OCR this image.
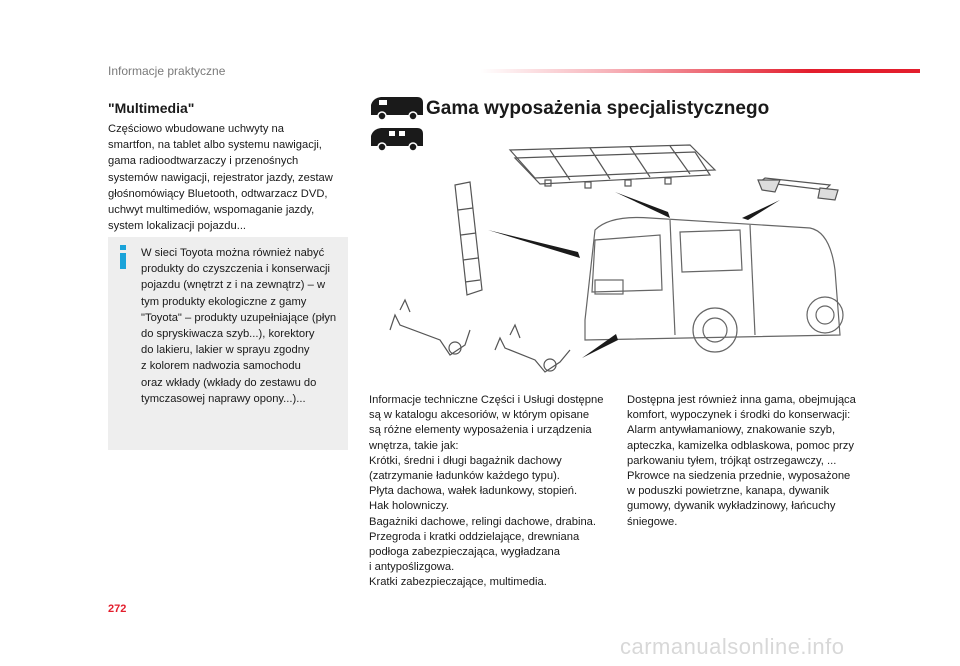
Informacje praktyczne
"Multimedia"
Częściowo wbudowane uchwyty na
smartfon, na tablet albo systemu nawigacji,
gama radioodtwarzaczy i przenośnych
systemów nawigacji, rejestrator jazdy, zestaw
głośnomówiący Bluetooth, odtwarzacz DVD,
uchwyt multimediów, wspomaganie jazdy,
system lokalizacji pojazdu...
W sieci Toyota można również nabyć
produkty do czyszczenia i konserwacji
pojazdu (wnętrzt z i na zewnątrz) – w
tym produkty ekologiczne z gamy
"Toyota" – produkty uzupełniające (płyn
do spryskiwacza szyb...), korektory
do lakieru, lakier w sprayu zgodny
z kolorem nadwozia samochodu
oraz wkłady (wkłady do zestawu do
tymczasowej naprawy opony...)...
Gama wyposażenia specjalistycznego
Informacje techniczne Części i Usługi dostępne
są w katalogu akcesoriów, w którym opisane
są różne elementy wyposażenia i urządzenia
wnętrza, takie jak:
Krótki, średni i długi bagażnik dachowy
(zatrzymanie ładunków każdego typu).
Płyta dachowa, wałek ładunkowy, stopień.
Hak holowniczy.
Bagażniki dachowe, relingi dachowe, drabina.
Przegroda i kratki oddzielające, drewniana
podłoga zabezpieczająca, wygładzana
i antypoślizgowa.
Kratki zabezpieczające, multimedia.
Dostępna jest również inna gama, obejmująca
komfort, wypoczynek i środki do konserwacji:
Alarm antywłamaniowy, znakowanie szyb,
apteczka, kamizelka odblaskowa, pomoc przy
parkowaniu tyłem, trójkąt ostrzegawczy, ...
Pkrowce na siedzenia przednie, wyposażone
w poduszki powietrzne, kanapa, dywanik
gumowy, dywanik wykładzinowy, łańcuchy
śniegowe.
272
carmanualsonline.info
